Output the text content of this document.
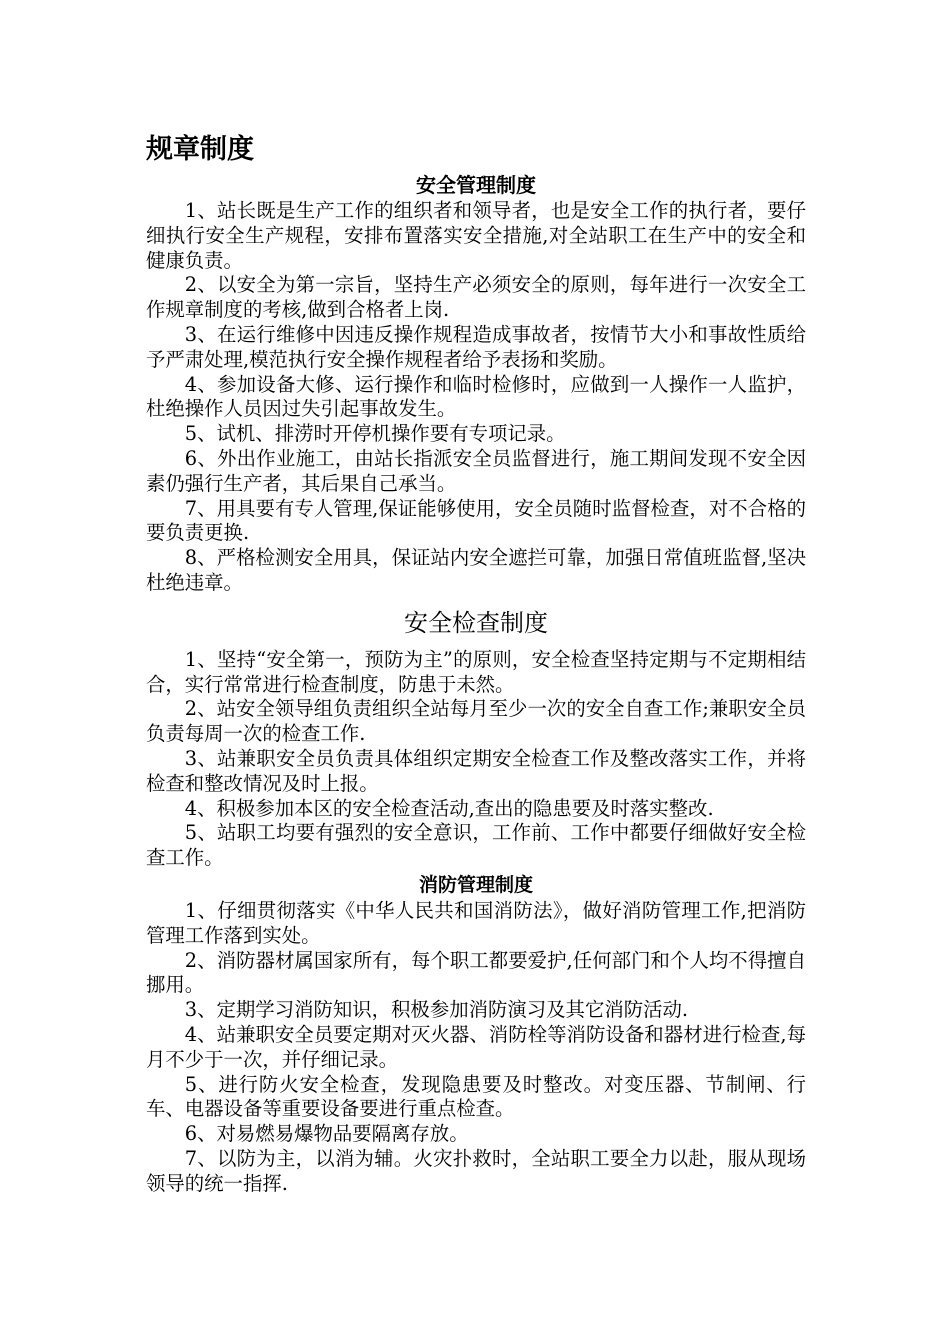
规章制度
安全管理制度

1、站长既是生产工作的组织者和领导者，也是安全工作的执行者，要仔细执行安全生产规程，安排布置落实安全措施,对全站职工在生产中的安全和健康负责。

2、以安全为第一宗旨，坚持生产必须安全的原则，每年进行一次安全工作规章制度的考核,做到合格者上岗.

3、在运行维修中因违反操作规程造成事故者，按情节大小和事故性质给予严肃处理,模范执行安全操作规程者给予表扬和奖励。

4、参加设备大修、运行操作和临时检修时，应做到一人操作一人监护，杜绝操作人员因过失引起事故发生。

5、试机、排涝时开停机操作要有专项记录。

6、外出作业施工，由站长指派安全员监督进行，施工期间发现不安全因素仍强行生产者，其后果自己承当。

7、用具要有专人管理,保证能够使用，安全员随时监督检查，对不合格的要负责更换.

8、严格检测安全用具，保证站内安全遮拦可靠，加强日常值班监督,坚决杜绝违章。

安全检查制度

1、坚持“安全第一，预防为主”的原则，安全检查坚持定期与不定期相结合，实行常常进行检查制度，防患于未然。

2、站安全领导组负责组织全站每月至少一次的安全自查工作;兼职安全员负责每周一次的检查工作.

3、站兼职安全员负责具体组织定期安全检查工作及整改落实工作，并将检查和整改情况及时上报。

4、积极参加本区的安全检查活动,查出的隐患要及时落实整改.

5、站职工均要有强烈的安全意识，工作前、工作中都要仔细做好安全检查工作。

消防管理制度

1、仔细贯彻落实《中华人民共和国消防法》，做好消防管理工作,把消防管理工作落到实处。

2、消防器材属国家所有，每个职工都要爱护,任何部门和个人均不得擅自挪用。

3、定期学习消防知识，积极参加消防演习及其它消防活动.

4、站兼职安全员要定期对灭火器、消防栓等消防设备和器材进行检查,每月不少于一次，并仔细记录。

5、进行防火安全检查，发现隐患要及时整改。对变压器、节制闸、行车、电器设备等重要设备要进行重点检查。

6、对易燃易爆物品要隔离存放。

7、以防为主，以消为辅。火灾扑救时，全站职工要全力以赴，服从现场领导的统一指挥.
